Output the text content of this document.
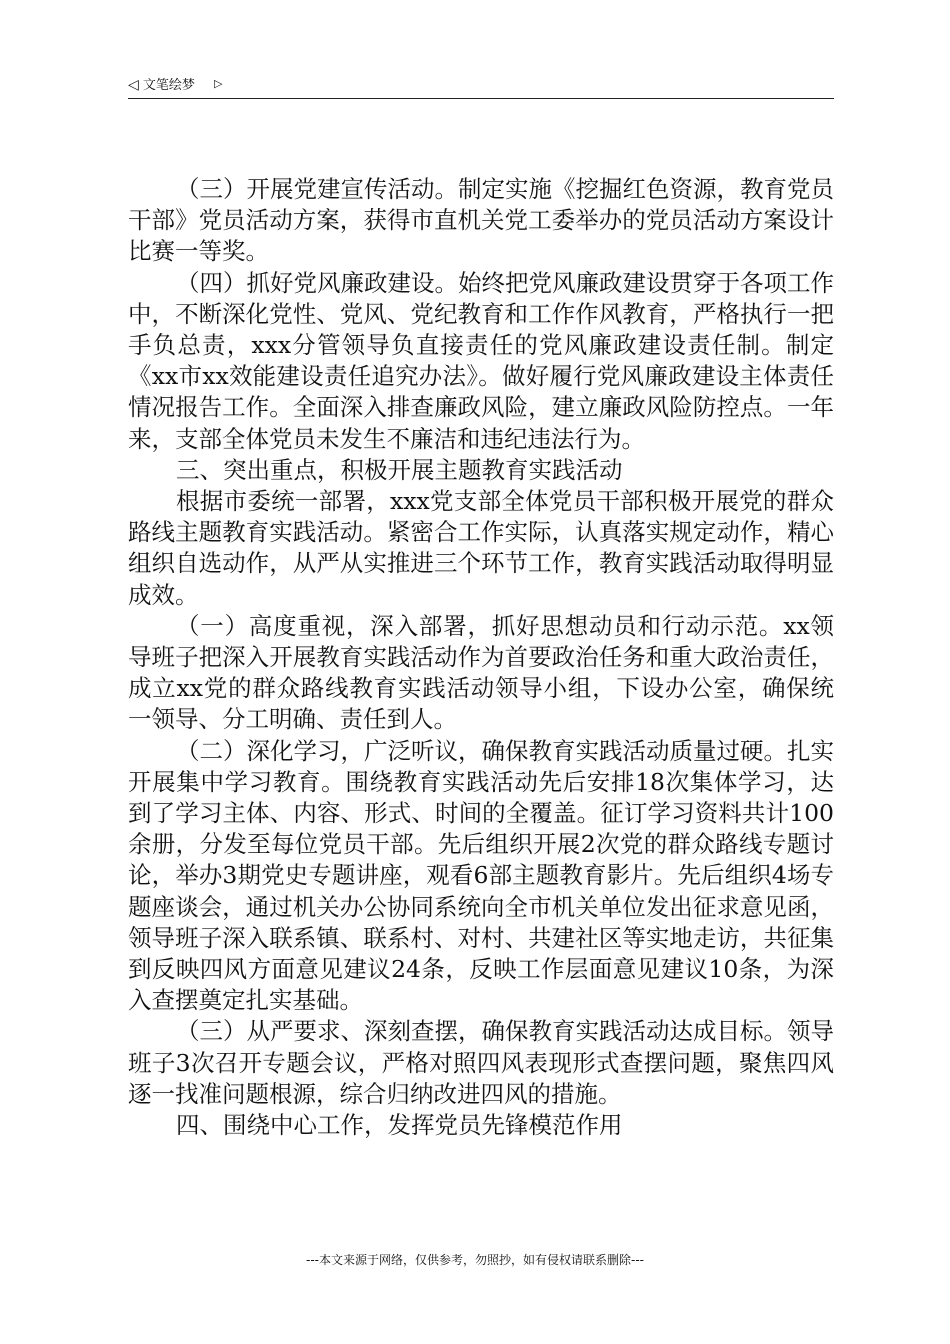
◁ 文笔绘梦 ▷

（三）开展党建宣传活动。制定实施《挖掘红色资源，教育党员干部》党员活动方案，获得市直机关党工委举办的党员活动方案设计比赛一等奖。

（四）抓好党风廉政建设。始终把党风廉政建设贯穿于各项工作中，不断深化党性、党风、党纪教育和工作作风教育，严格执行一把手负总责，xxx分管领导负直接责任的党风廉政建设责任制。制定《xx市xx效能建设责任追究办法》。做好履行党风廉政建设主体责任情况报告工作。全面深入排查廉政风险，建立廉政风险防控点。一年来，支部全体党员未发生不廉洁和违纪违法行为。

三、突出重点，积极开展主题教育实践活动

根据市委统一部署，xxx党支部全体党员干部积极开展党的群众路线主题教育实践活动。紧密合工作实际，认真落实规定动作，精心组织自选动作，从严从实推进三个环节工作，教育实践活动取得明显成效。

（一）高度重视，深入部署，抓好思想动员和行动示范。xx领导班子把深入开展教育实践活动作为首要政治任务和重大政治责任，成立xx党的群众路线教育实践活动领导小组，下设办公室，确保统一领导、分工明确、责任到人。

（二）深化学习，广泛听议，确保教育实践活动质量过硬。扎实开展集中学习教育。围绕教育实践活动先后安排18次集体学习，达到了学习主体、内容、形式、时间的全覆盖。征订学习资料共计100余册，分发至每位党员干部。先后组织开展2次党的群众路线专题讨论，举办3期党史专题讲座，观看6部主题教育影片。先后组织4场专题座谈会，通过机关办公协同系统向全市机关单位发出征求意见函，领导班子深入联系镇、联系村、对村、共建社区等实地走访，共征集到反映四风方面意见建议24条，反映工作层面意见建议10条，为深入查摆奠定扎实基础。

（三）从严要求、深刻查摆，确保教育实践活动达成目标。领导班子3次召开专题会议，严格对照四风表现形式查摆问题，聚焦四风逐一找准问题根源，综合归纳改进四风的措施。

四、围绕中心工作，发挥党员先锋模范作用

---本文来源于网络，仅供参考，勿照抄，如有侵权请联系删除---
